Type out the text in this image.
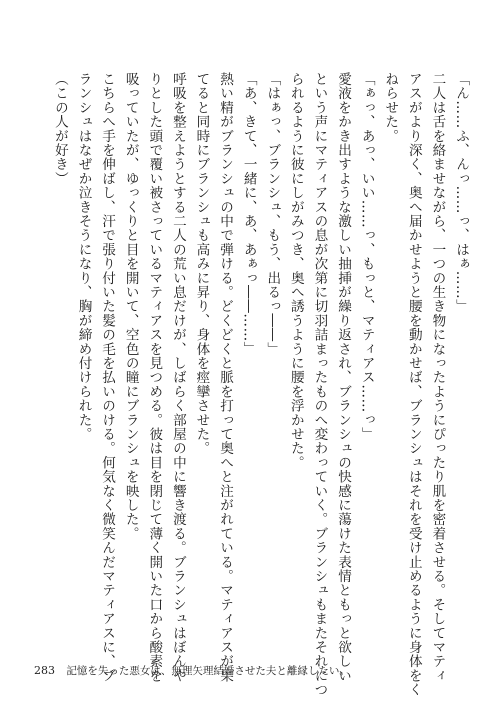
「ん……ふ、んっ……っ、はぁ……」
二人は舌を絡ませながら、一つの生き物になったようにぴったり肌を密着させる。そしてマティ
アスがより深く、奥へ届かせようと腰を動かせば、ブランシュはそれを受け止めるように身体をく
ねらせた。
「ぁっ、あっ、いい……っ、もっと、マティアス……っ」
愛液をかき出すような激しい抽挿が繰り返され、ブランシュの快感に蕩けた表情ともっと欲しい
という声にマティアスの息が次第に切羽詰まったものへ変わっていく。ブランシュもまたそれにつ
られるように彼にしがみつき、奥へ誘うように腰を浮かせた。
「はぁっ、ブランシュ、もう、出るっ――」
「あ、きて、一緒に、あ、あぁっ――……」
熱い精がブランシュの中で弾ける。どくどくと脈を打って奥へと注がれている。マティアスが果
てると同時にブランシュも高みに昇り、身体を痙攣させた。
呼吸を整えようとする二人の荒い息だけが、しばらく部屋の中に響き渡る。ブランシュはぼんや
りとした頭で覆い被さっているマティアスを見つめる。彼は目を閉じて薄く開いた口から酸素を
吸っていたが、ゆっくりと目を開いて、空色の瞳にブランシュを映した。
こちらへ手を伸ばし、汗で張り付いた髪の毛を払いのける。何気なく微笑んだマティアスに、ブ
ランシュはなぜか泣きそうになり、胸が締め付けられた。
（この人が好き）
283 記憶を失った悪女は、無理矢理結婚させた夫と離縁したい。
